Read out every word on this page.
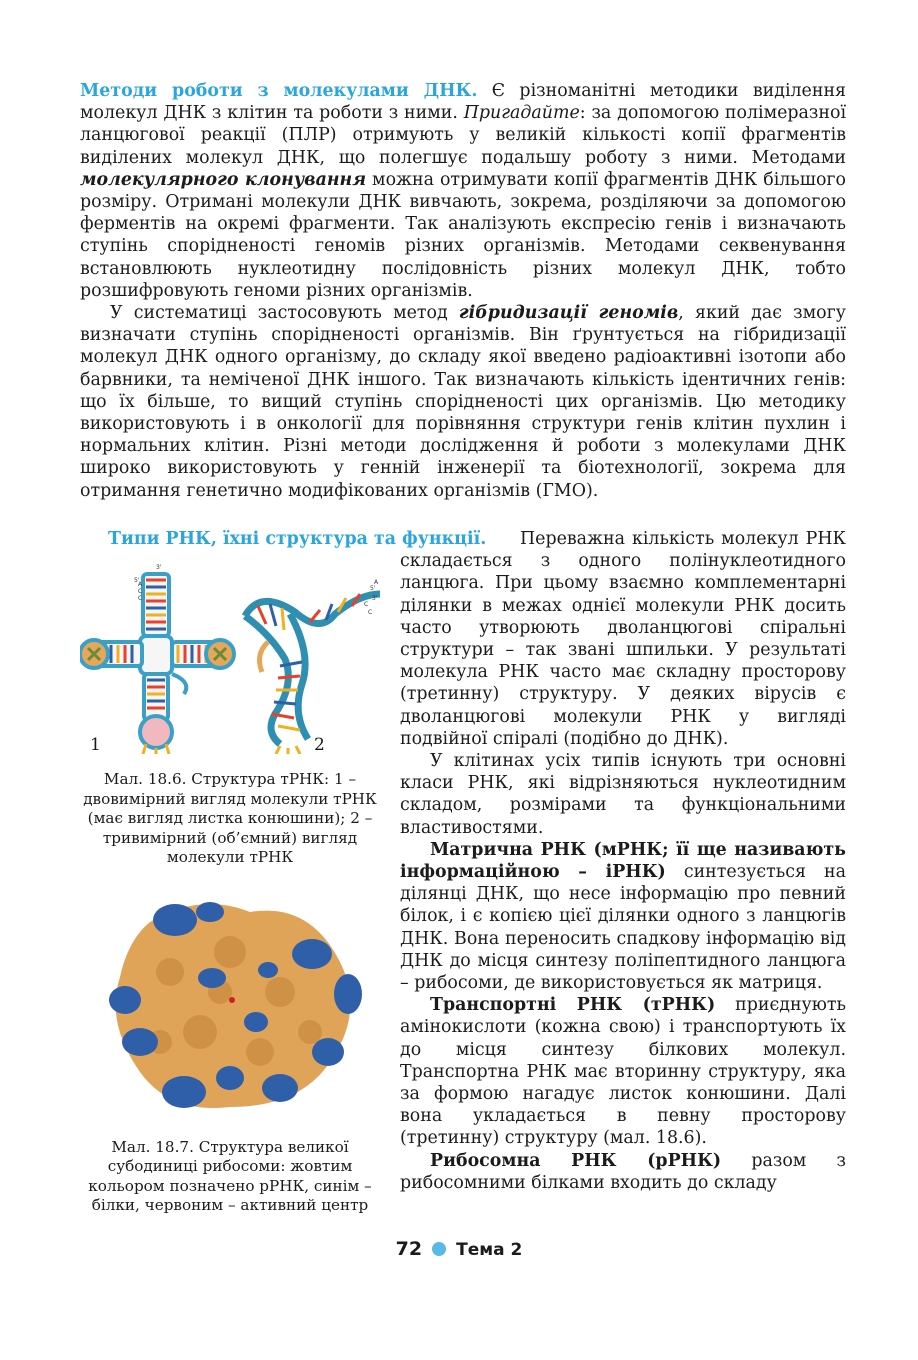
Методи роботи з молекулами ДНК. Є різноманітні методики виділення молекул ДНК з клітин та роботи з ними. Пригадайте: за допомогою полімеразної ланцюгової реакції (ПЛР) отримують у великій кількості копії фрагментів виділених молекул ДНК, що полегшує подальшу роботу з ними. Методами молекулярного клонування можна отримувати копії фрагментів ДНК більшого розміру. Отримані молекули ДНК вивчають, зокрема, розділяючи за допомогою ферментів на окремі фрагменти. Так аналізують експресію генів і визначають ступінь спорідненості геномів різних організмів. Методами секвенування встановлюють нуклеотидну послідовність різних молекул ДНК, тобто розшифровують геноми різних організмів.

У систематиці застосовують метод гібридизації геномів, який дає змогу визначати ступінь спорідненості організмів. Він ґрунтується на гібридизації молекул ДНК одного організму, до складу якої введено радіоактивні ізотопи або барвники, та неміченої ДНК іншого. Так визначають кількість ідентичних генів: що їх більше, то вищий ступінь спорідненості цих організмів. Цю методику використовують і в онкології для порівняння структури генів клітин пухлин і нормальних клітин. Різні методи дослідження й роботи з молекулами ДНК широко використовують у генній інженерії та біотехнології, зокрема для отримання генетично модифікованих організмів (ГМО).

1
A
C
C
3'
5'
5'
3'
A
C
C
2

Мал. 18.6. Структура тРНК: 1 – двовимірний вигляд молекули тРНК (має вигляд листка конюшини); 2 – тривимірний (об’ємний) вигляд молекули тРНК

Мал. 18.7. Структура великої субодиниці рибосоми: жовтим кольором позначено рРНК, синім – білки, червоним – активний центр

Типи РНК, їхні структура та функції.	Переважна кількість молекул РНК складається з одного полінуклеотидного ланцюга. При цьому взаємно комплементарні ділянки в межах однієї молекули РНК досить часто утворюють дволанцюгові спіральні структури – так звані шпильки. У результаті молекула РНК часто має складну просторову (третинну) структуру. У деяких вірусів є дволанцюгові молекули РНК у вигляді подвійної спіралі (подібно до ДНК).

У клітинах усіх типів існують три основні класи РНК, які відрізняються нуклеотидним складом, розмірами та функціональними властивостями.

Матрична РНК (мРНК; її ще називають інформаційною – іРНК) синтезується на ділянці ДНК, що несе інформацію про певний білок, і є копією цієї ділянки одного з ланцюгів ДНК. Вона переносить спадкову інформацію від ДНК до місця синтезу поліпептидного ланцюга – рибосоми, де використовується як матриця.

Транспортні РНК (тРНК) приєднують амінокислоти (кожна свою) і транспортують їх до місця синтезу білкових молекул. Транспортна РНК має вторинну структуру, яка за формою нагадує листок конюшини. Далі вона укладається в певну просторову (третинну) структуру (мал. 18.6).

Рибосомна РНК (рРНК) разом з рибосомними білками входить до складу

72 Тема 2
